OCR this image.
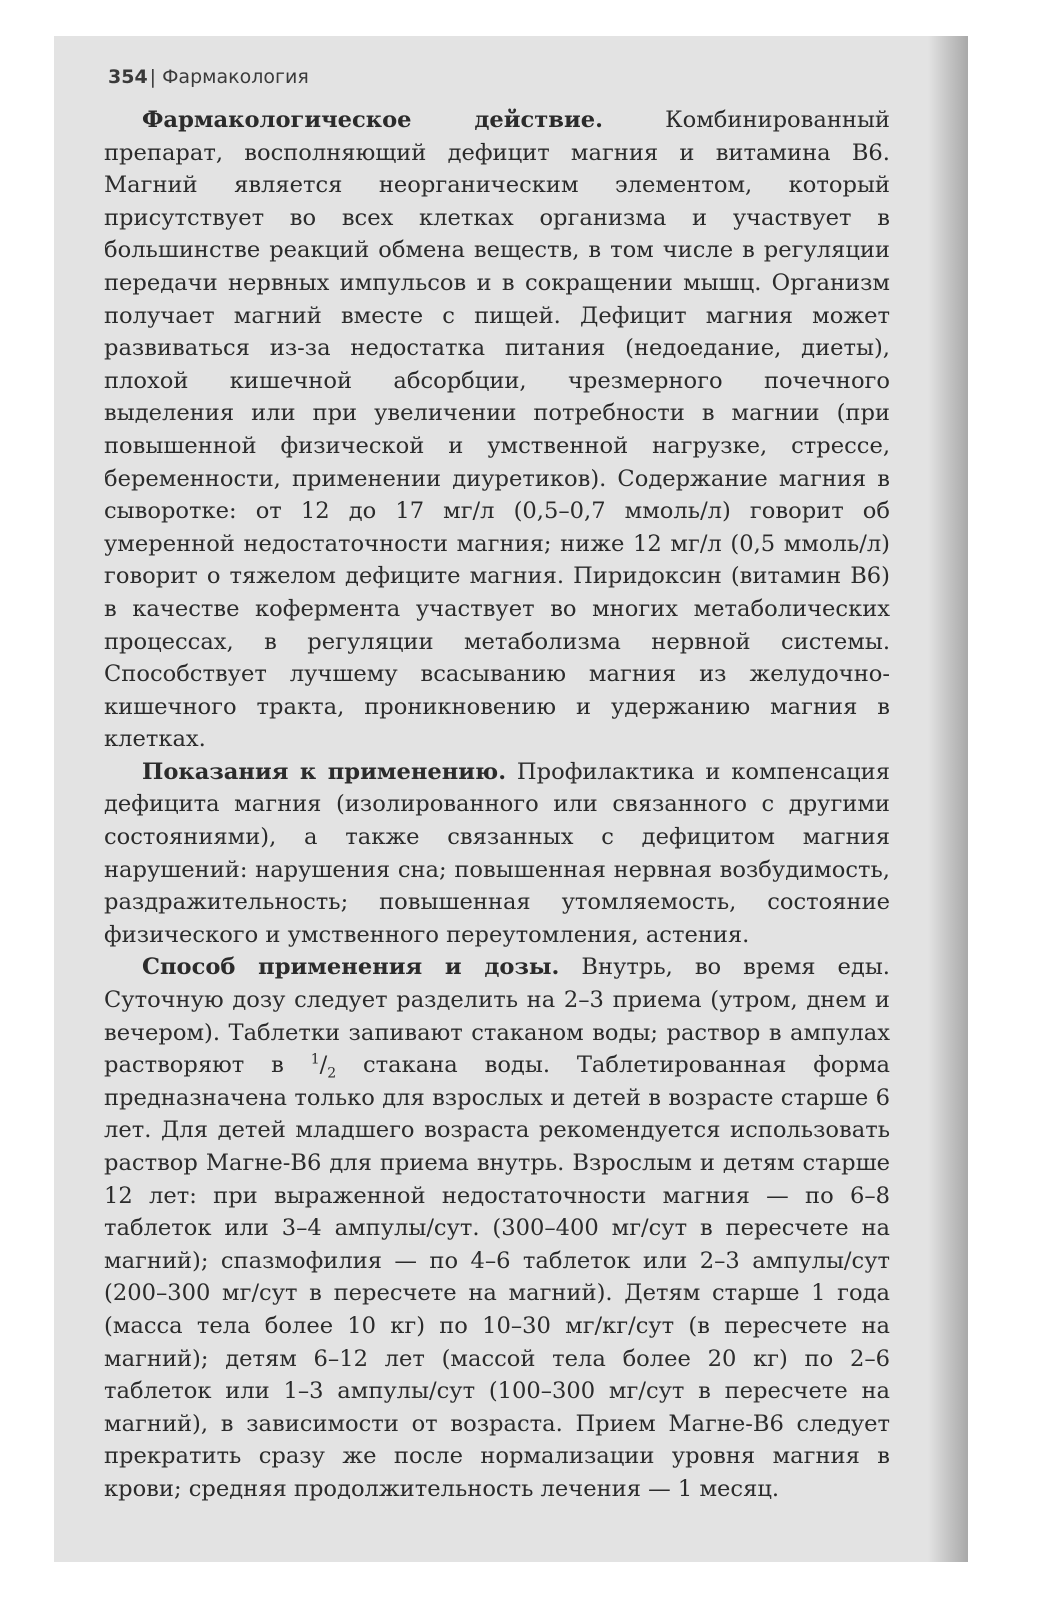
354 | Фармакология

Фармакологическое действие. Комбинированный препарат, восполняющий дефицит магния и витамина B6. Магний является неорганическим элементом, который присутствует во всех клетках организма и участвует в большинстве реакций обмена веществ, в том числе в регуляции передачи нервных импульсов и в сокращении мышц. Организм получает магний вместе с пищей. Дефицит магния может развиваться из-за недостатка питания (недоедание, диеты), плохой кишечной абсорбции, чрезмерного почечного выделения или при увеличении потребности в магнии (при повышенной физической и умственной нагрузке, стрессе, беременности, применении диуретиков). Содержание магния в сыворотке: от 12 до 17 мг/л (0,5–0,7 ммоль/л) говорит об умеренной недостаточности магния; ниже 12 мг/л (0,5 ммоль/л) говорит о тяжелом дефиците магния. Пиридоксин (витамин B6) в качестве кофермента участвует во многих метаболических процессах, в регуляции метаболизма нервной системы. Способствует лучшему всасыванию магния из желудочно-кишечного тракта, проникновению и удержанию магния в клетках.

Показания к применению. Профилактика и компенсация дефицита магния (изолированного или связанного с другими состояниями), а также связанных с дефицитом магния нарушений: нарушения сна; повышенная нервная возбудимость, раздражительность; повышенная утомляемость, состояние физического и умственного переутомления, астения.

Способ применения и дозы. Внутрь, во время еды. Суточную дозу следует разделить на 2–3 приема (утром, днем и вечером). Таблетки запивают стаканом воды; раствор в ампулах растворяют в $^1/_2$ стакана воды. Таблетированная форма предназначена только для взрослых и детей в возрасте старше 6 лет. Для детей младшего возраста рекомендуется использовать раствор Магне-B6 для приема внутрь. Взрослым и детям старше 12 лет: при выраженной недостаточности магния — по 6–8 таблеток или 3–4 ампулы/сут. (300–400 мг/сут в пересчете на магний); спазмофилия — по 4–6 таблеток или 2–3 ампулы/сут (200–300 мг/сут в пересчете на магний). Детям старше 1 года (масса тела более 10 кг) по 10–30 мг/кг/сут (в пересчете на магний); детям 6–12 лет (массой тела более 20 кг) по 2–6 таблеток или 1–3 ампулы/сут (100–300 мг/сут в пересчете на магний), в зависимости от возраста. Прием Магне-B6 следует прекратить сразу же после нормализации уровня магния в крови; средняя продолжительность лечения — 1 месяц.
